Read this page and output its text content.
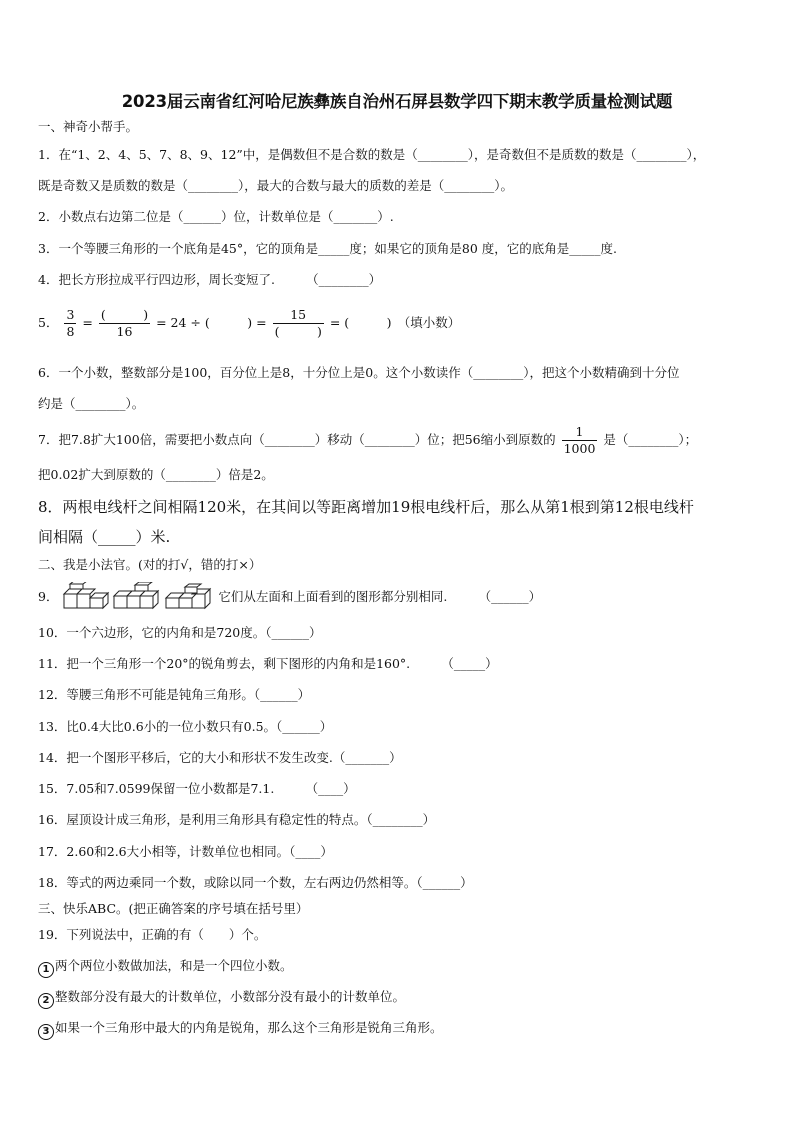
2023届云南省红河哈尼族彝族自治州石屏县数学四下期末教学质量检测试题
一、神奇小帮手。
1．在“1、2、4、5、7、8、9、12”中，是偶数但不是合数的数是（________），是奇数但不是质数的数是（________），
既是奇数又是质数的数是（________），最大的合数与最大的质数的差是（________）。
2．小数点右边第二位是（______）位，计数单位是（_______）.
3．一个等腰三角形的一个底角是45°，它的顶角是_____度；如果它的顶角是80 度，它的底角是_____度.
4．把长方形拉成平行四边形，周长变短了.　　　（________）
5． $\frac{3}{8} = \frac{( )}{16} = 24$ ÷ (　　　) = $\frac{15}{( )}$ = (　　　)　（填小数）
6．一个小数，整数部分是100，百分位上是8，十分位上是0。这个小数读作（________），把这个小数精确到十分位
约是（________）。
7．把7.8扩大100倍，需要把小数点向（________）移动（________）位；把56缩小到原数的 $\frac{1}{1000}$ 是（________）；
把0.02扩大到原数的（________）倍是2。
8．两根电线杆之间相隔120米，在其间以等距离增加19根电线杆后，那么从第1根到第12根电线杆
间相隔（_____）米.
二、我是小法官。(对的打√，错的打×）
9．	它们从左面和上面看到的图形都分别相同.　　　（______）
10．一个六边形，它的内角和是720度。（______）
11．把一个三角形一个20°的锐角剪去，剩下图形的内角和是160°.　　　（_____）
12．等腰三角形不可能是钝角三角形。（______）
13．比0.4大比0.6小的一位小数只有0.5。（______）
14．把一个图形平移后，它的大小和形状不发生改变.（_______）
15．7.05和7.0599保留一位小数都是7.1.　　　（____）
16．屋顶设计成三角形，是利用三角形具有稳定性的特点。（________）
17．2.60和2.6大小相等，计数单位也相同。（____）
18．等式的两边乘同一个数，或除以同一个数，左右两边仍然相等。（______）
三、快乐ABC。(把正确答案的序号填在括号里）
19．下列说法中，正确的有（　　）个。
1 两个两位小数做加法，和是一个四位小数。
2 整数部分没有最大的计数单位，小数部分没有最小的计数单位。
3 如果一个三角形中最大的内角是锐角，那么这个三角形是锐角三角形。
